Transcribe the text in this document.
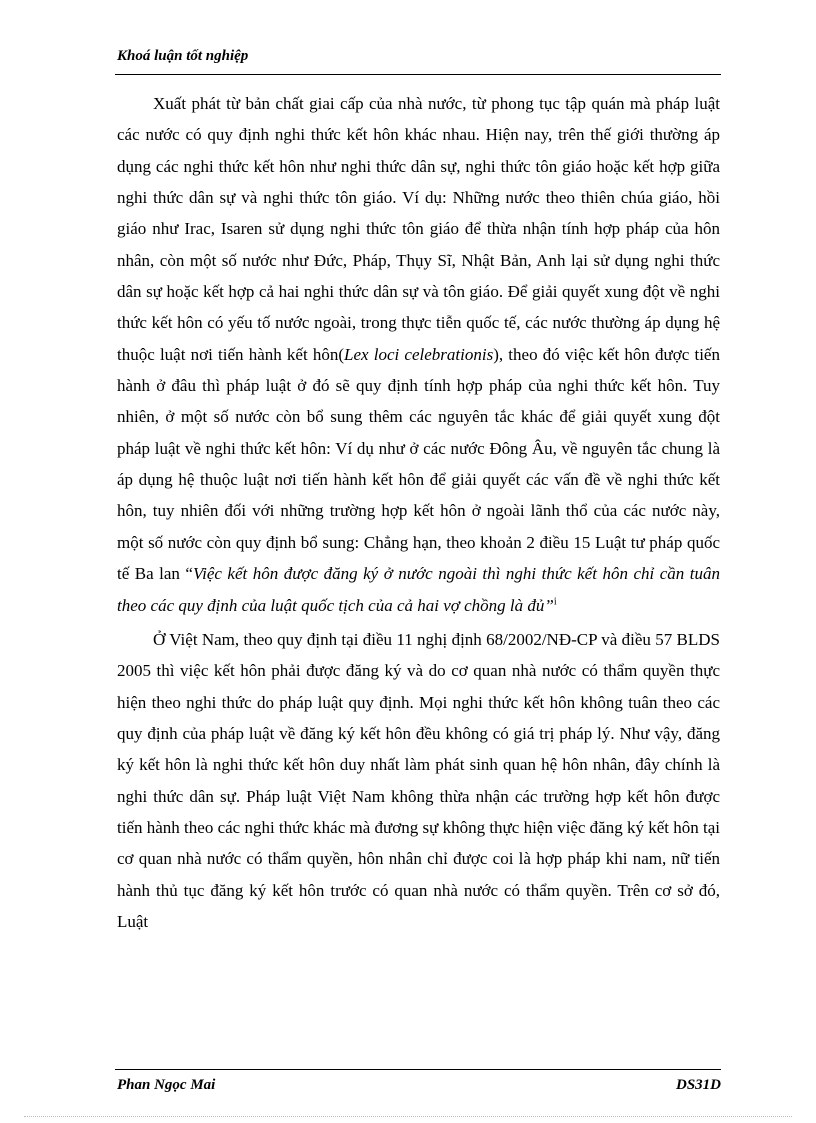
Khoá luận tốt nghiệp

Xuất phát từ bản chất giai cấp của nhà nước, từ phong tục tập quán mà pháp luật các nước có quy định nghi thức kết hôn khác nhau. Hiện nay, trên thế giới thường áp dụng các nghi thức kết hôn như nghi thức dân sự, nghi thức tôn giáo hoặc kết hợp giữa nghi thức dân sự và nghi thức tôn giáo. Ví dụ: Những nước theo thiên chúa giáo, hồi giáo như Irac, Isaren sử dụng nghi thức tôn giáo để thừa nhận tính hợp pháp của hôn nhân, còn một số nước như Đức, Pháp, Thụy Sĩ, Nhật Bản, Anh lại sử dụng nghi thức dân sự hoặc kết hợp cả hai nghi thức dân sự và tôn giáo. Để giải quyết xung đột về nghi thức kết hôn có yếu tố nước ngoài, trong thực tiễn quốc tế, các nước thường áp dụng hệ thuộc luật nơi tiến hành kết hôn(Lex loci celebrationis), theo đó việc kết hôn được tiến hành ở đâu thì pháp luật ở đó sẽ quy định tính hợp pháp của nghi thức kết hôn. Tuy nhiên, ở một số nước còn bổ sung thêm các nguyên tắc khác để giải quyết xung đột pháp luật về nghi thức kết hôn: Ví dụ như ở các nước Đông Âu, về nguyên tắc chung là áp dụng hệ thuộc luật nơi tiến hành kết hôn để giải quyết các vấn đề về nghi thức kết hôn, tuy nhiên đối với những trường hợp kết hôn ở ngoài lãnh thổ của các nước này, một số nước còn quy định bổ sung: Chẳng hạn, theo khoản 2 điều 15 Luật tư pháp quốc tế Ba lan “Việc kết hôn được đăng ký ở nước ngoài thì nghi thức kết hôn chỉ cần tuân theo các quy định của luật quốc tịch của cả hai vợ chồng là đủ”$^i$

Ở Việt Nam, theo quy định tại điều 11 nghị định 68/2002/NĐ-CP và điều 57 BLDS 2005 thì việc kết hôn phải được đăng ký và do cơ quan nhà nước có thẩm quyền thực hiện theo nghi thức do pháp luật quy định. Mọi nghi thức kết hôn không tuân theo các quy định của pháp luật về đăng ký kết hôn đều không có giá trị pháp lý. Như vậy, đăng ký kết hôn là nghi thức kết hôn duy nhất làm phát sinh quan hệ hôn nhân, đây chính là nghi thức dân sự. Pháp luật Việt Nam không thừa nhận các trường hợp kết hôn được tiến hành theo các nghi thức khác mà đương sự không thực hiện việc đăng ký kết hôn tại cơ quan nhà nước có thẩm quyền, hôn nhân chỉ được coi là hợp pháp khi nam, nữ tiến hành thủ tục đăng ký kết hôn trước có quan nhà nước có thẩm quyền. Trên cơ sở đó, Luật

Phan Ngọc Mai	DS31D
